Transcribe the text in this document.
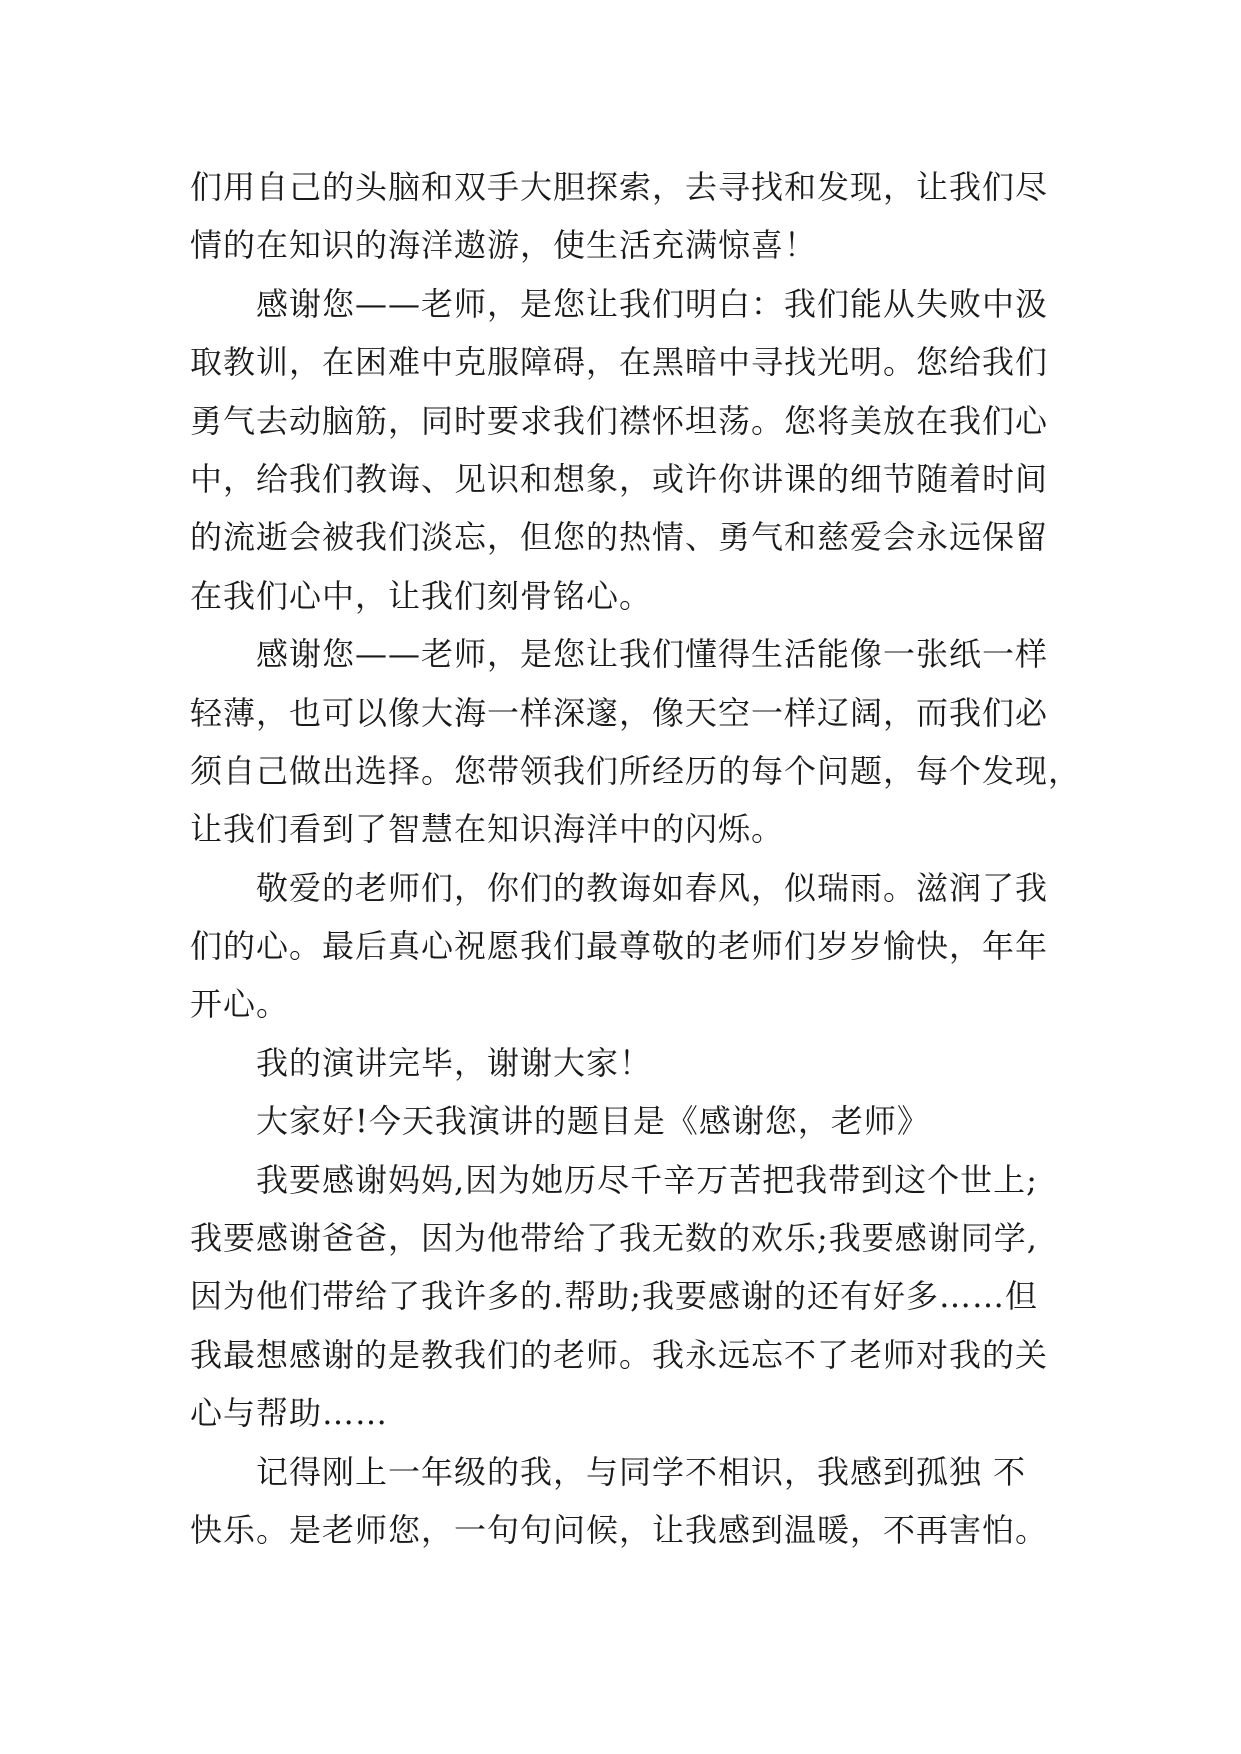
们用自己的头脑和双手大胆探索，去寻找和发现，让我们尽
情的在知识的海洋遨游，使生活充满惊喜！
感谢您——老师，是您让我们明白：我们能从失败中汲
取教训，在困难中克服障碍，在黑暗中寻找光明。您给我们
勇气去动脑筋，同时要求我们襟怀坦荡。您将美放在我们心
中，给我们教诲、见识和想象，或许你讲课的细节随着时间
的流逝会被我们淡忘，但您的热情、勇气和慈爱会永远保留
在我们心中，让我们刻骨铭心。
感谢您——老师，是您让我们懂得生活能像一张纸一样
轻薄，也可以像大海一样深邃，像天空一样辽阔，而我们必
须自己做出选择。您带领我们所经历的每个问题，每个发现，
让我们看到了智慧在知识海洋中的闪烁。
敬爱的老师们，你们的教诲如春风，似瑞雨。滋润了我
们的心。最后真心祝愿我们最尊敬的老师们岁岁愉快，年年
开心。
我的演讲完毕，谢谢大家！
大家好!今天我演讲的题目是《感谢您，老师》
我要感谢妈妈,因为她历尽千辛万苦把我带到这个世上;
我要感谢爸爸，因为他带给了我无数的欢乐;我要感谢同学,
因为他们带给了我许多的.帮助;我要感谢的还有好多……但
我最想感谢的是教我们的老师。我永远忘不了老师对我的关
心与帮助……
记得刚上一年级的我，与同学不相识，我感到孤独 不
快乐。是老师您，一句句问候，让我感到温暖，不再害怕。
